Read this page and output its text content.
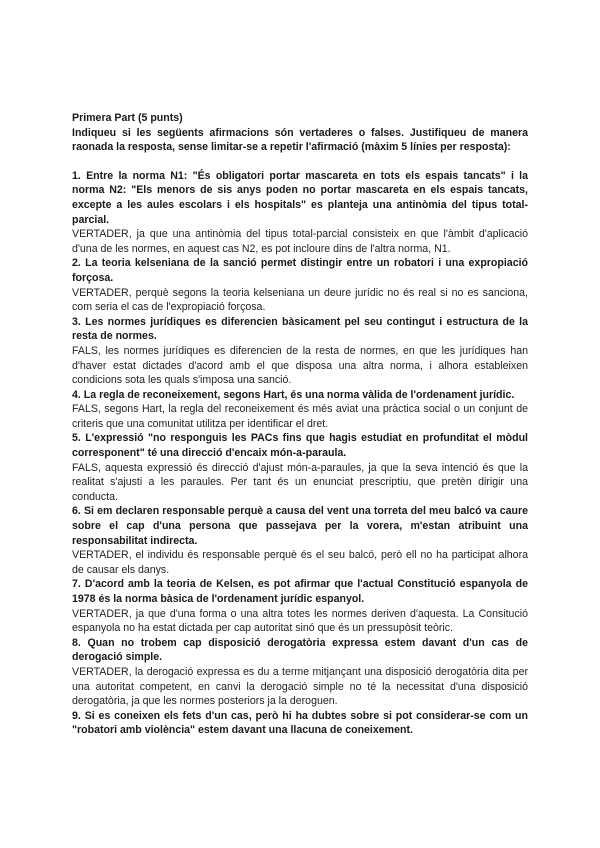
Primera Part (5 punts)

Indiqueu si les següents afirmacions són vertaderes o falses. Justifiqueu de manera raonada la resposta, sense limitar-se a repetir l'afirmació (màxim 5 línies per resposta):

1. Entre la norma N1: "És obligatori portar mascareta en tots els espais tancats" i la norma N2: "Els menors de sis anys poden no portar mascareta en els espais tancats, excepte a les aules escolars i els hospitals" es planteja una antinòmia del tipus total-parcial.

VERTADER, ja que una antinòmia del tipus total-parcial consisteix en que l'àmbit d'aplicació d'una de les normes, en aquest cas N2, es pot incloure dins de l'altra norma, N1.

2. La teoria kelseniana de la sanció permet distingir entre un robatori i una expropiació forçosa.

VERTADER, perquè segons la teoria kelseniana un deure jurídic no és real si no es sanciona, com seria el cas de l'expropiació forçosa.

3. Les normes jurídiques es diferencien bàsicament pel seu contingut i estructura de la resta de normes.

FALS, les normes jurídiques es diferencien de la resta de normes, en que les jurídiques han d'haver estat dictades d'acord amb el que disposa una altra norma, i alhora estableixen condicions sota les quals s'imposa una sanció.

4. La regla de reconeixement, segons Hart, és una norma vàlida de l'ordenament jurídic.

FALS, segons Hart, la regla del reconeixement és més aviat una pràctica social o un conjunt de criteris que una comunitat utilitza per identificar el dret.

5. L'expressió "no responguis les PACs fins que hagis estudiat en profunditat el mòdul corresponent" té una direcció d'encaix món-a-paraula.

FALS, aquesta expressió és direcció d'ajust món-a-paraules, ja que la seva intenció és que la realitat s'ajusti a les paraules. Per tant és un enunciat prescriptiu, que pretèn dirigir una conducta.

6. Si em declaren responsable perquè a causa del vent una torreta del meu balcó va caure sobre el cap d'una persona que passejava per la vorera, m'estan atribuint una responsabilitat indirecta.

VERTADER, el individu és responsable perquè és el seu balcó, però ell no ha participat alhora de causar els danys.

7. D'acord amb la teoria de Kelsen, es pot afirmar que l'actual Constitució espanyola de 1978 és la norma bàsica de l'ordenament jurídic espanyol.

VERTADER, ja que d'una forma o una altra totes les normes deriven d'aquesta. La Consitució espanyola no ha estat dictada per cap autoritat sinó que és un pressupòsit teòric.

8. Quan no trobem cap disposició derogatòria expressa estem davant d'un cas de derogació simple.

VERTADER, la derogació expressa es du a terme mitjançant una disposició derogatòria dita per una autoritat competent, en canvi la derogació simple no té la necessitat d'una disposició derogatòria, ja que les normes posteriors ja la deroguen.

9. Si es coneixen els fets d'un cas, però hi ha dubtes sobre si pot considerar-se com un "robatori amb violència" estem davant una llacuna de coneixement.
